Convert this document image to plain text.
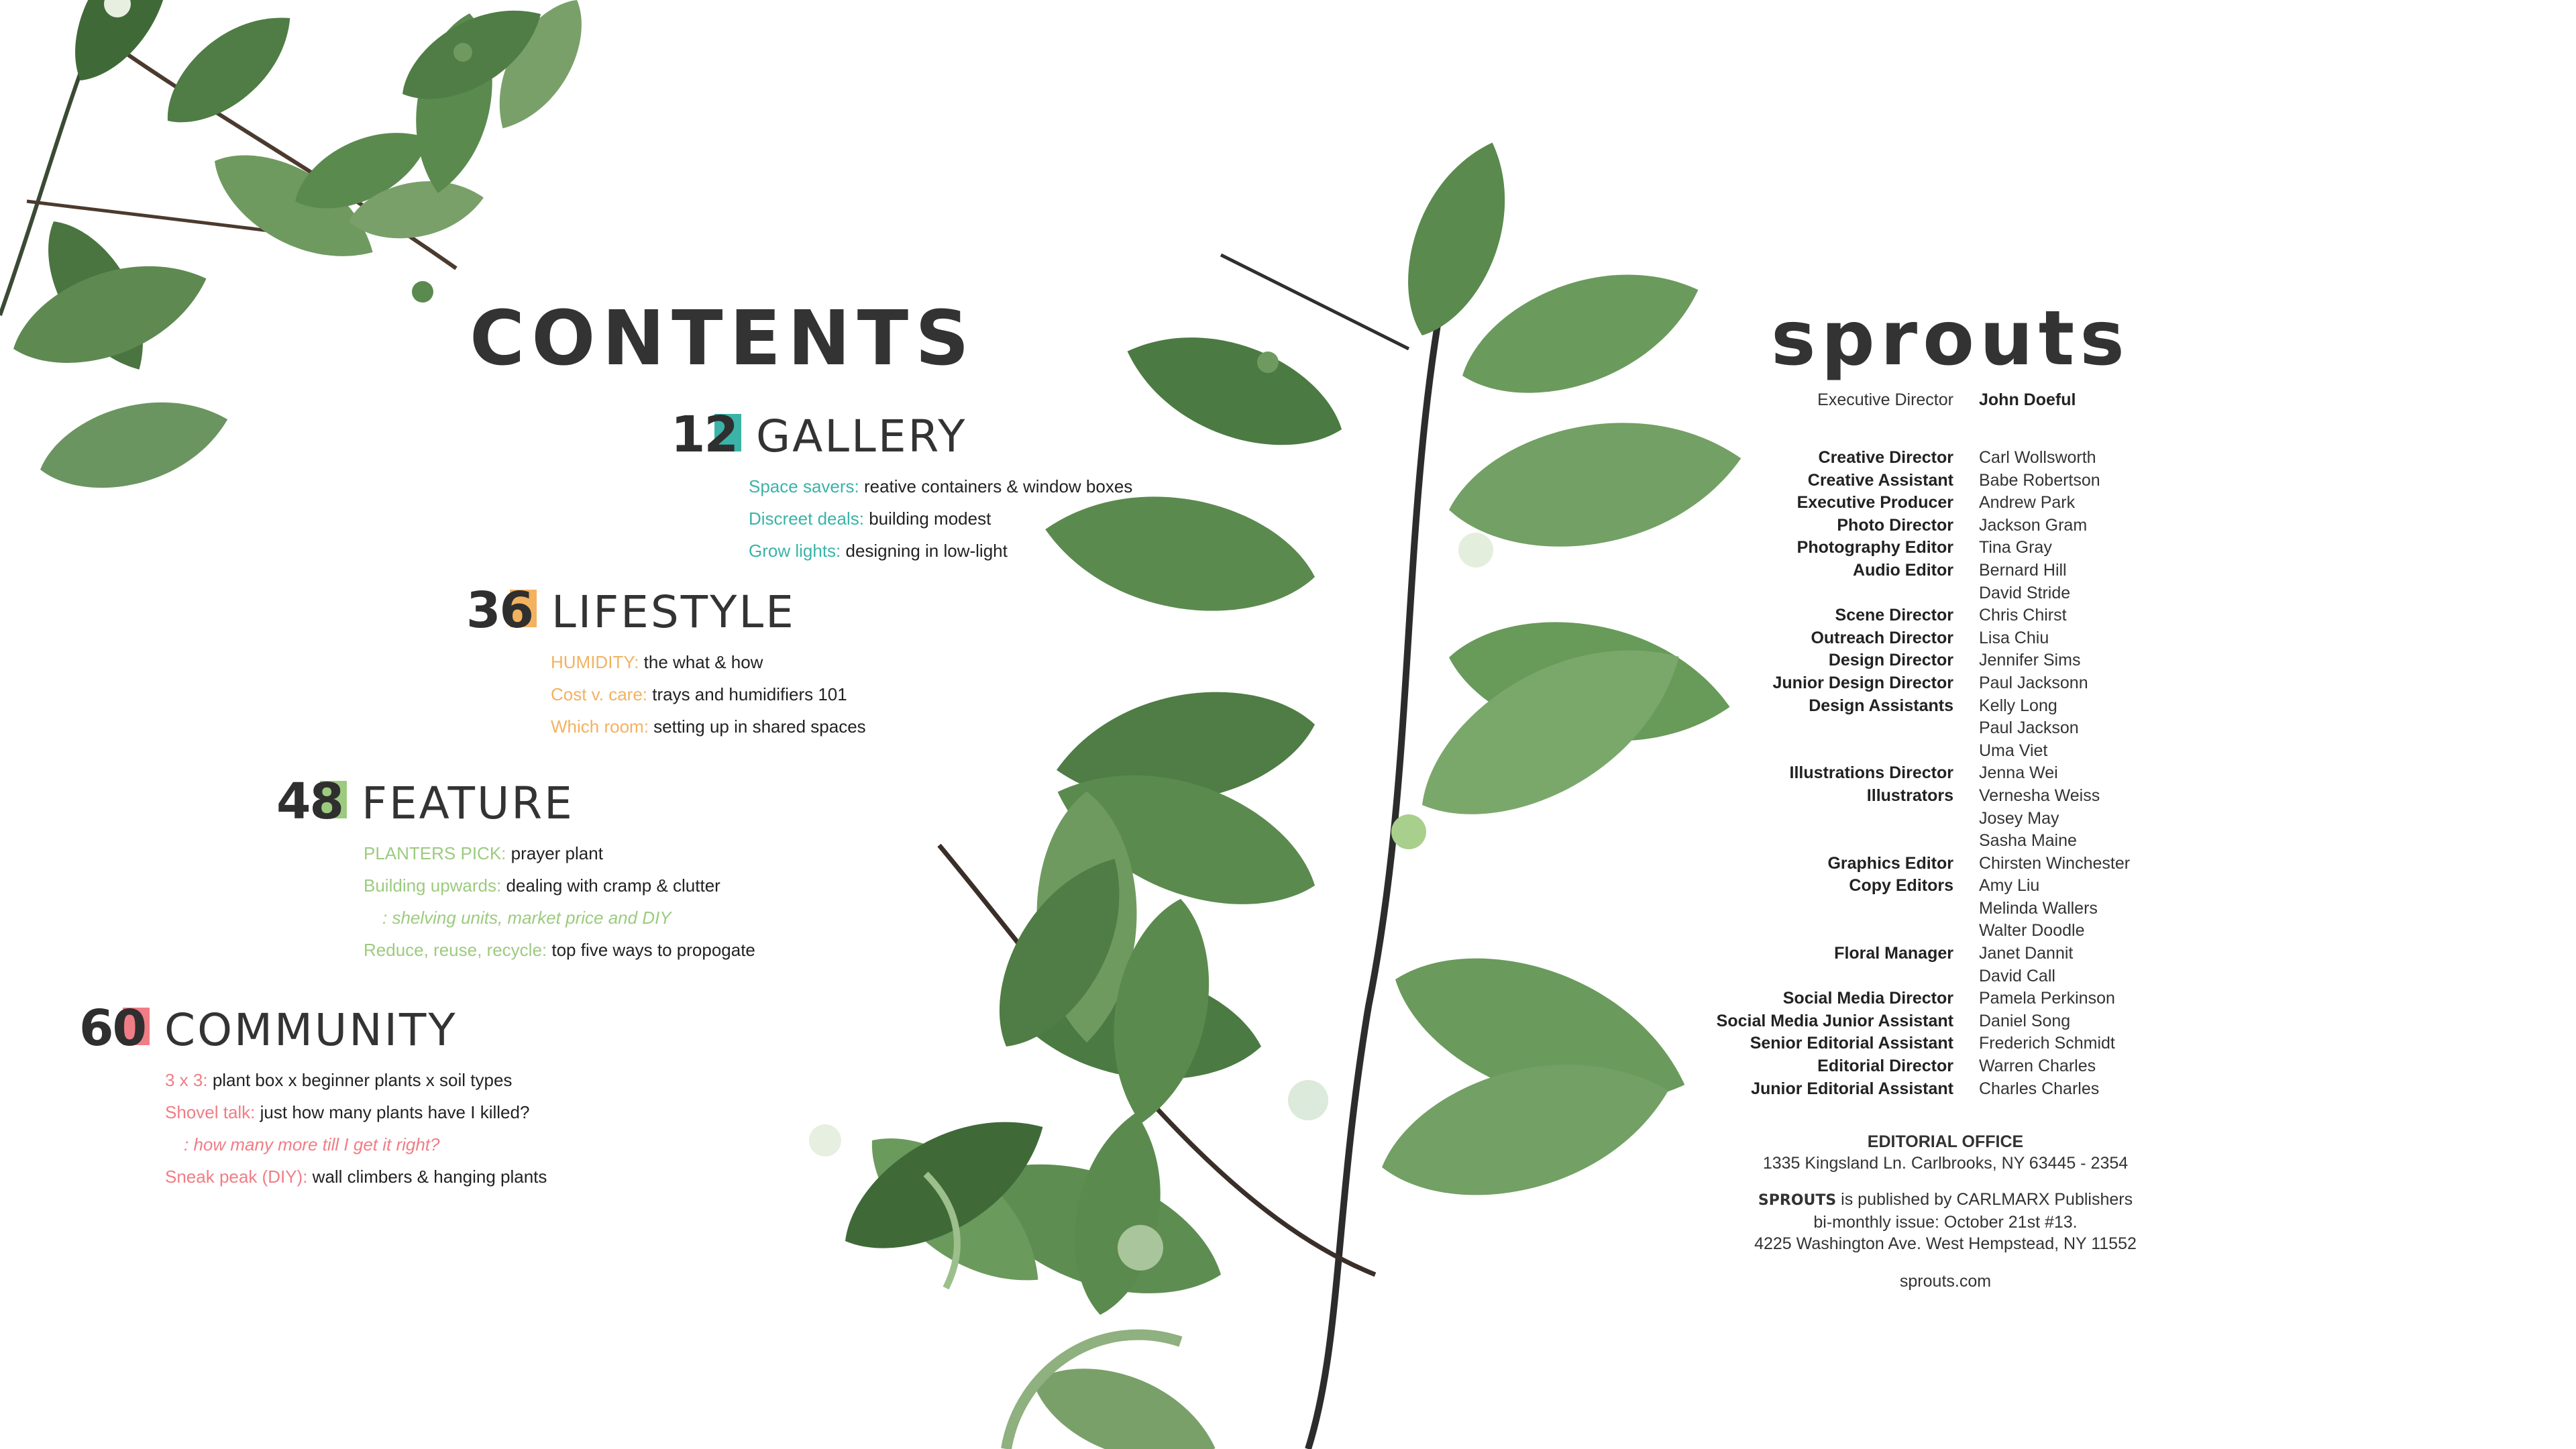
CONTENTS
12 GALLERY
Space savers: reative containers & window boxes
Discreet deals: building modest
Grow lights: designing in low-light
36 LIFESTYLE
HUMIDITY: the what & how
Cost v. care: trays and humidifiers 101
Which room: setting up in shared spaces
48 FEATURE
PLANTERS PICK: prayer plant
Building upwards: dealing with cramp & clutter
: shelving units, market price and DIY
Reduce, reuse, recycle: top five ways to propogate
60 COMMUNITY
3 x 3: plant box x beginner plants x soil types
Shovel talk: just how many plants have I killed?
: how many more till I get it right?
Sneak peak (DIY): wall climbers & hanging plants
sprouts
Executive Director John Doeful
Creative Director Carl Wollsworth
Creative Assistant Babe Robertson
Executive Producer Andrew Park
Photo Director Jackson Gram
Photography Editor Tina Gray
Audio Editor Bernard Hill
David Stride
Scene Director Chris Chirst
Outreach Director Lisa Chiu
Design Director Jennifer Sims
Junior Design Director Paul Jacksonn
Design Assistants Kelly Long
Paul Jackson
Uma Viet
Illustrations Director Jenna Wei
Illustrators Vernesha Weiss
Josey May
Sasha Maine
Graphics Editor Chirsten Winchester
Copy Editors Amy Liu
Melinda Wallers
Walter Doodle
Floral Manager Janet Dannit
David Call
Social Media Director Pamela Perkinson
Social Media Junior Assistant Daniel Song
Senior Editorial Assistant Frederich Schmidt
Editorial Director Warren Charles
Junior Editorial Assistant Charles Charles
EDITORIAL OFFICE
1335 Kingsland Ln. Carlbrooks, NY 63445 - 2354
SPROUTS is published by CARLMARX Publishers
bi-monthly issue: October 21st #13.
4225 Washington Ave. West Hempstead, NY 11552
sprouts.com
